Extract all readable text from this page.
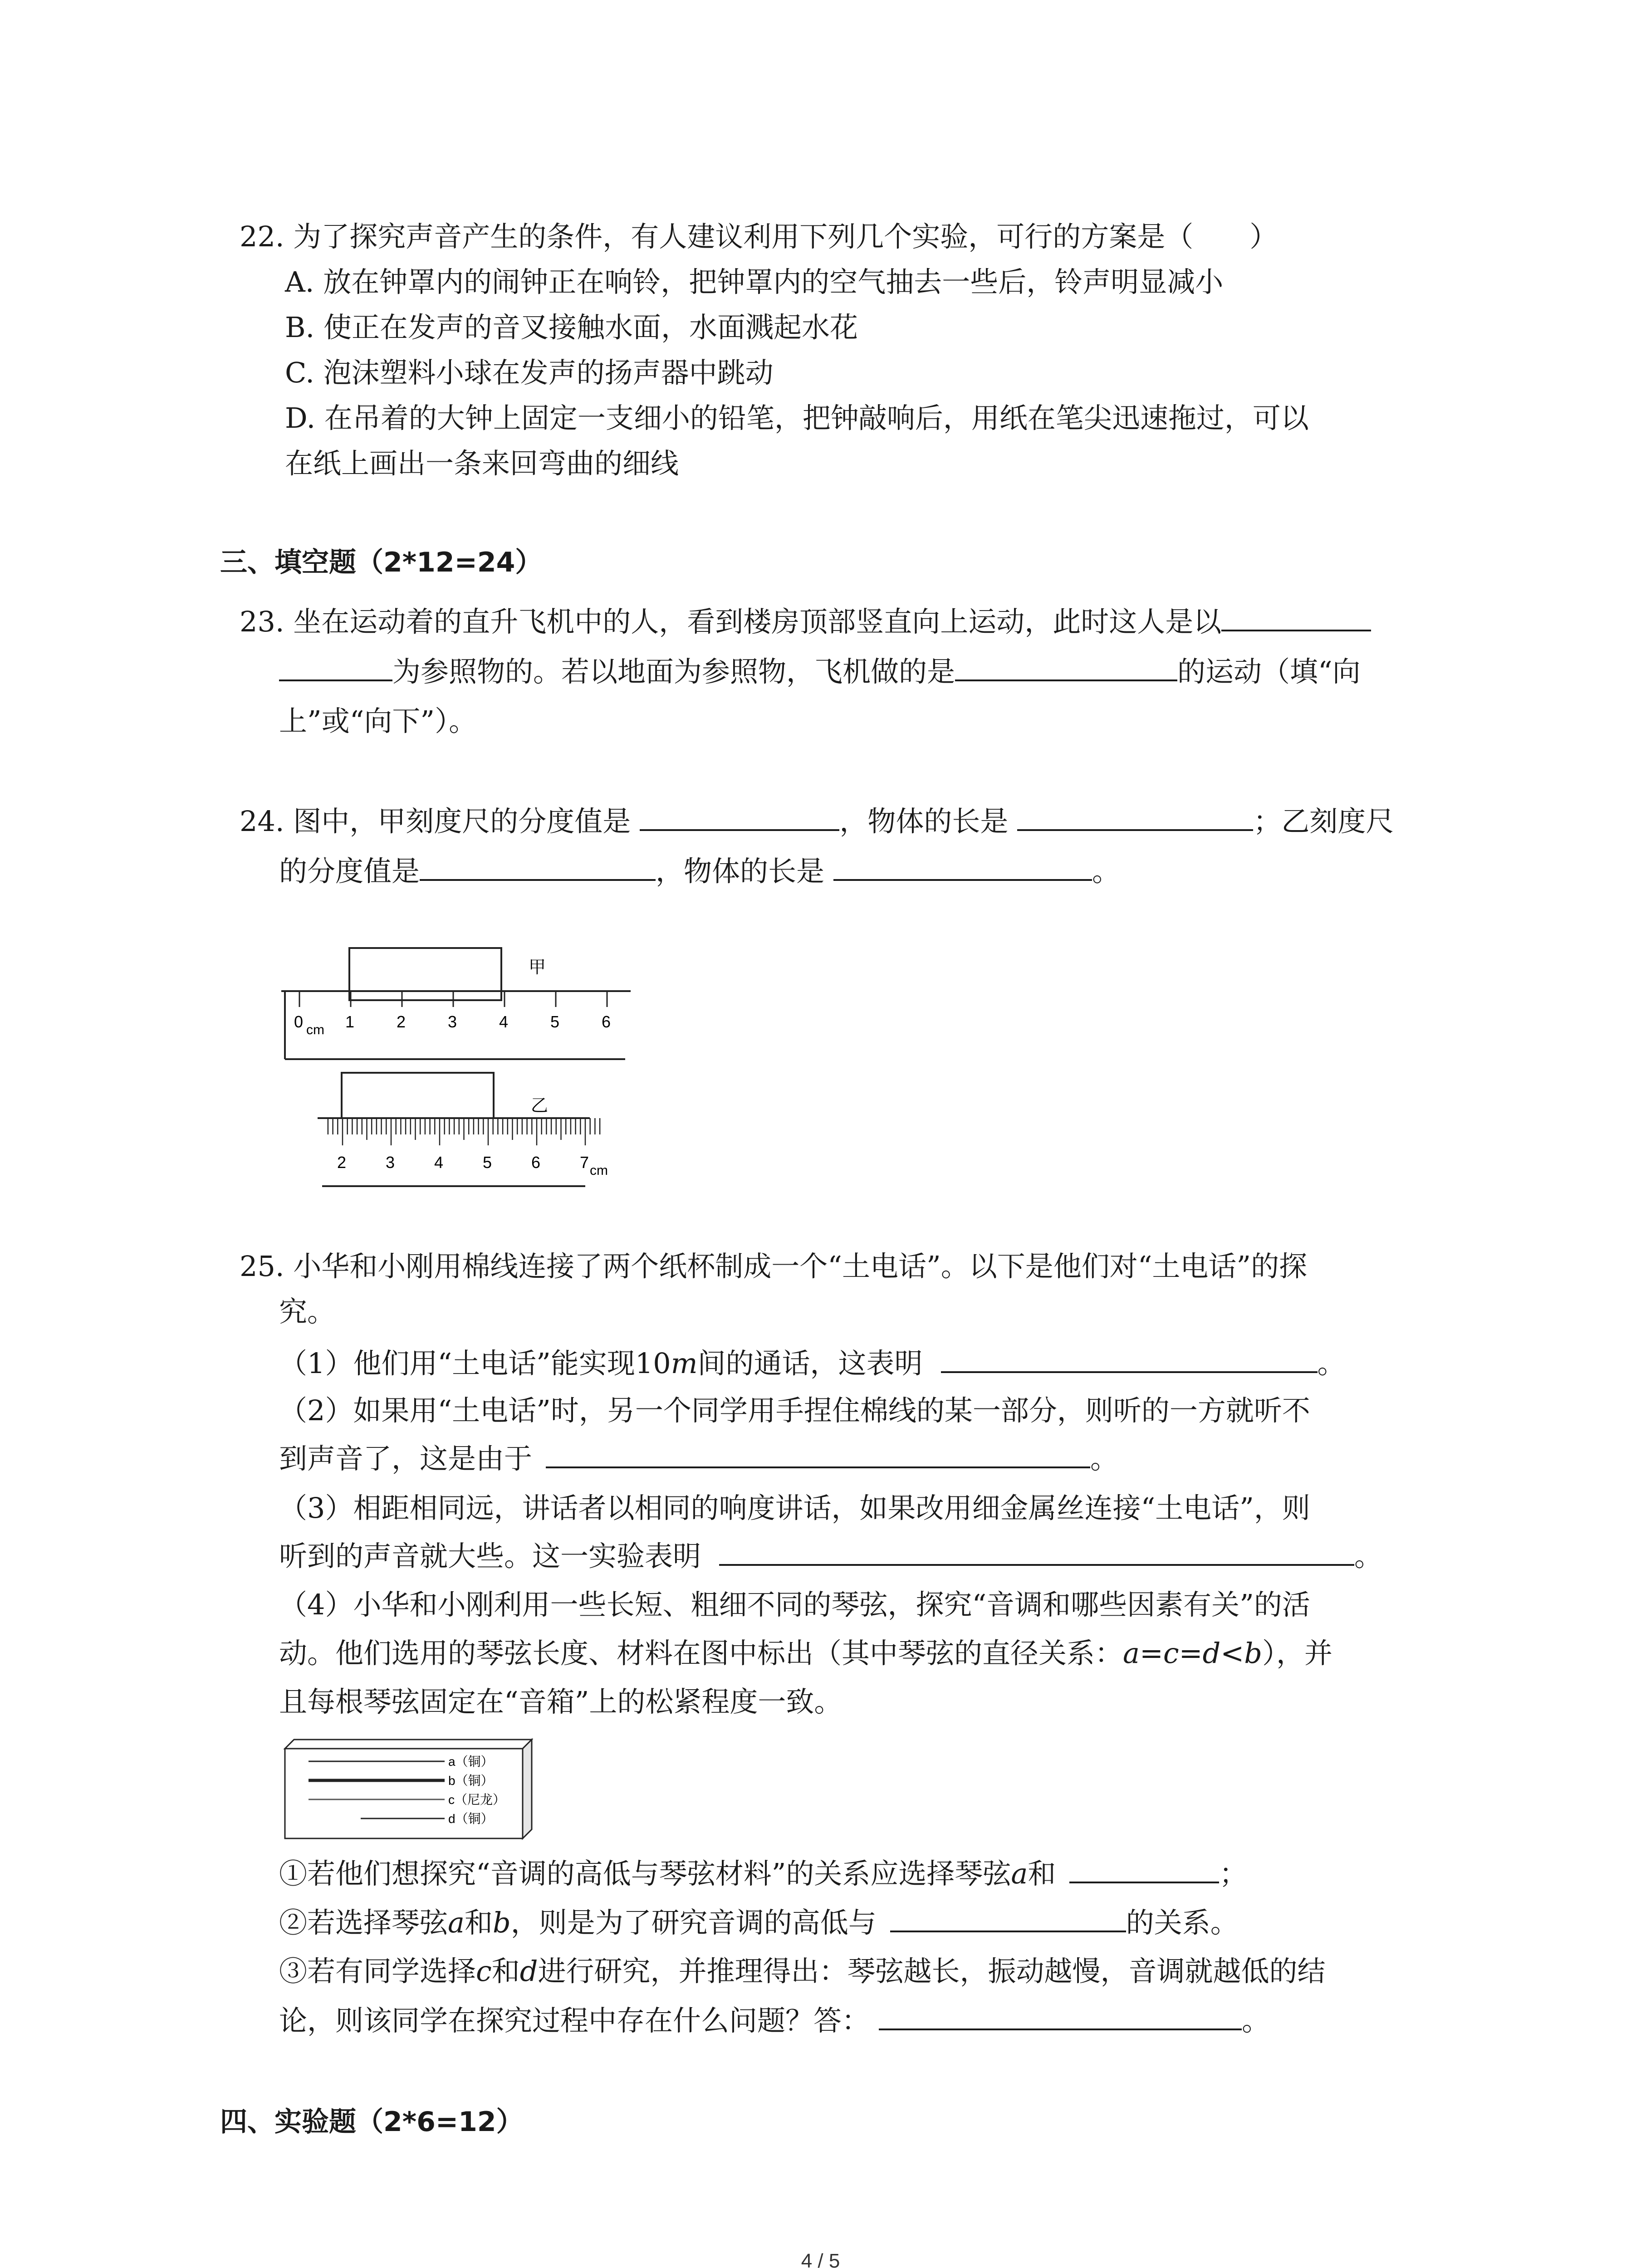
22. 为了探究声音产生的条件，有人建议利用下列几个实验，可行的方案是（　　）
A. 放在钟罩内的闹钟正在响铃，把钟罩内的空气抽去一些后，铃声明显减小
B. 使正在发声的音叉接触水面，水面溅起水花
C. 泡沫塑料小球在发声的扬声器中跳动
D. 在吊着的大钟上固定一支细小的铅笔，把钟敲响后，用纸在笔尖迅速拖过，可以
在纸上画出一条来回弯曲的细线
三、填空题（2*12=24）
23. 坐在运动着的直升飞机中的人，看到楼房顶部竖直向上运动，此时这人是以
为参照物的。若以地面为参照物，飞机做的是	的运动（填“向
上”或“向下”）。
24. 图中，甲刻度尺的分度值是	，物体的长是	；乙刻度尺
的分度值是	，物体的长是	。
甲
0	1	2	3	4	5	6
cm
乙
2 3 4 5 6 7 cm
25. 小华和小刚用棉线连接了两个纸杯制成一个“土电话”。以下是他们对“土电话”的探
究。
（1）他们用“土电话”能实现10m间的通话，这表明	。
（2）如果用“土电话”时，另一个同学用手捏住棉线的某一部分，则听的一方就听不
到声音了，这是由于	。
（3）相距相同远，讲话者以相同的响度讲话，如果改用细金属丝连接“土电话”，则
听到的声音就大些。这一实验表明	。
（4）小华和小刚利用一些长短、粗细不同的琴弦，探究“音调和哪些因素有关”的活
动。他们选用的琴弦长度、材料在图中标出（其中琴弦的直径关系：a=c=d<b），并
且每根琴弦固定在“音箱”上的松紧程度一致。
a（铜）
b（铜）
c（尼龙）
d（铜）
①若他们想探究“音调的高低与琴弦材料”的关系应选择琴弦a和	；
②若选择琴弦a和b，则是为了研究音调的高低与	的关系。
③若有同学选择c和d进行研究，并推理得出：琴弦越长，振动越慢，音调就越低的结
论，则该同学在探究过程中存在什么问题？答：	。
四、实验题（2*6=12）
4 / 5
